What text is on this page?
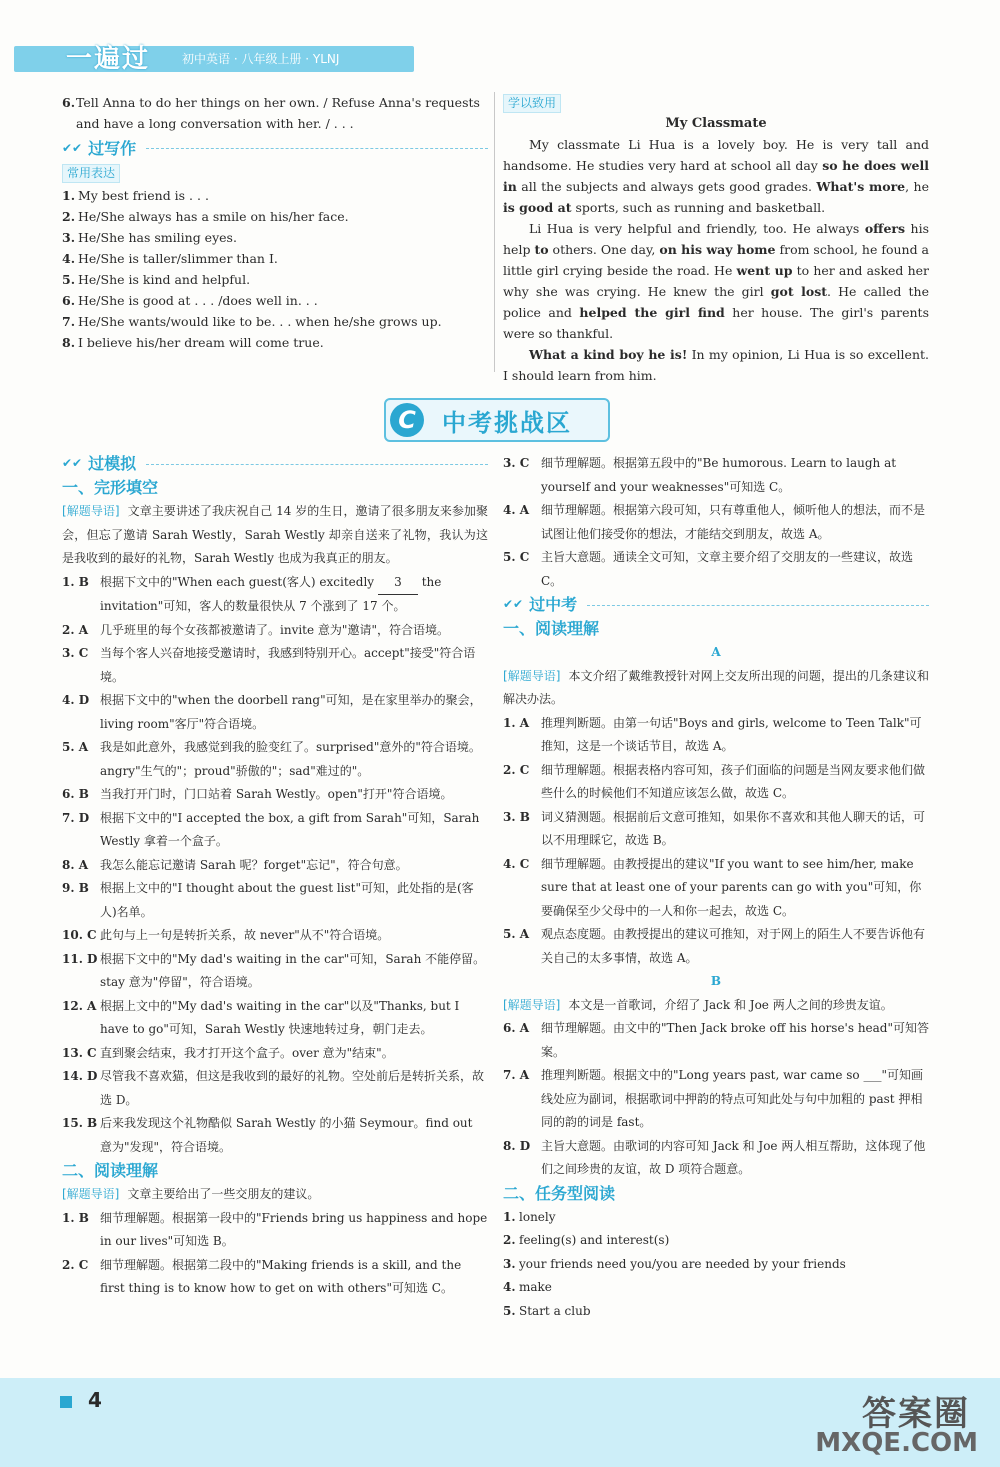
一遍过	初中英语 · 八年级上册 · YLNJ
6. Tell Anna to do her things on her own. / Refuse Anna's requests and have a long conversation with her. / . . .
✔✔ 过写作
常用表达
1. My best friend is . . .
2. He/She always has a smile on his/her face.
3. He/She has smiling eyes.
4. He/She is taller/slimmer than I.
5. He/She is kind and helpful.
6. He/She is good at . . . /does well in. . .
7. He/She wants/would like to be. . . when he/she grows up.
8. I believe his/her dream will come true.
学以致用

My Classmate

My classmate Li Hua is a lovely boy. He is very tall and handsome. He studies very hard at school all day so he does well in all the subjects and always gets good grades. What's more, he is good at sports, such as running and basketball.

Li Hua is very helpful and friendly, too. He always offers his help to others. One day, on his way home from school, he found a little girl crying beside the road. He went up to her and asked her why she was crying. He knew the girl got lost. He called the police and helped the girl find her house. The girl's parents were so thankful.

What a kind boy he is! In my opinion, Li Hua is so excellent. I should learn from him.

C	中考挑战区
✔✔ 过模拟
一、完形填空

[解题导语] 文章主要讲述了我庆祝自己 14 岁的生日，邀请了很多朋友来参加聚会，但忘了邀请 Sarah Westly，Sarah Westly 却亲自送来了礼物，我认为这是我收到的最好的礼物，Sarah Westly 也成为我真正的朋友。

1. B 根据下文中的"When each guest(客人) excitedly 3 the invitation"可知，客人的数量很快从 7 个涨到了 17 个。
2. A 几乎班里的每个女孩都被邀请了。invite 意为"邀请"，符合语境。
3. C 当每个客人兴奋地接受邀请时，我感到特别开心。accept"接受"符合语境。
4. D 根据下文中的"when the doorbell rang"可知，是在家里举办的聚会，living room"客厅"符合语境。
5. A 我是如此意外，我感觉到我的脸变红了。surprised"意外的"符合语境。angry"生气的"；proud"骄傲的"；sad"难过的"。
6. B 当我打开门时，门口站着 Sarah Westly。open"打开"符合语境。
7. D 根据下文中的"I accepted the box, a gift from Sarah"可知，Sarah Westly 拿着一个盒子。
8. A 我怎么能忘记邀请 Sarah 呢？forget"忘记"，符合句意。
9. B 根据上文中的"I thought about the guest list"可知，此处指的是(客人)名单。
10. C 此句与上一句是转折关系，故 never"从不"符合语境。
11. D 根据下文中的"My dad's waiting in the car"可知，Sarah 不能停留。stay 意为"停留"，符合语境。
12. A 根据上文中的"My dad's waiting in the car"以及"Thanks, but I have to go"可知，Sarah Westly 快速地转过身，朝门走去。
13. C 直到聚会结束，我才打开这个盒子。over 意为"结束"。
14. D 尽管我不喜欢猫，但这是我收到的最好的礼物。空处前后是转折关系，故选 D。
15. B 后来我发现这个礼物酷似 Sarah Westly 的小猫 Seymour。find out 意为"发现"，符合语境。
二、阅读理解

[解题导语] 文章主要给出了一些交朋友的建议。

1. B 细节理解题。根据第一段中的"Friends bring us happiness and hope in our lives"可知选 B。
2. C 细节理解题。根据第二段中的"Making friends is a skill, and the first thing is to know how to get on with others"可知选 C。
3. C 细节理解题。根据第五段中的"Be humorous. Learn to laugh at yourself and your weaknesses"可知选 C。
4. A 细节理解题。根据第六段可知，只有尊重他人，倾听他人的想法，而不是试图让他们接受你的想法，才能结交到朋友，故选 A。
5. C 主旨大意题。通读全文可知，文章主要介绍了交朋友的一些建议，故选 C。
✔✔ 过中考
一、阅读理解
A

[解题导语] 本文介绍了戴维教授针对网上交友所出现的问题，提出的几条建议和解决办法。

1. A 推理判断题。由第一句话"Boys and girls, welcome to Teen Talk"可推知，这是一个谈话节目，故选 A。
2. C 细节理解题。根据表格内容可知，孩子们面临的问题是当网友要求他们做些什么的时候他们不知道应该怎么做，故选 C。
3. B 词义猜测题。根据前后文意可推知，如果你不喜欢和其他人聊天的话，可以不用理睬它，故选 B。
4. C 细节理解题。由教授提出的建议"If you want to see him/her, make sure that at least one of your parents can go with you"可知，你要确保至少父母中的一人和你一起去，故选 C。
5. A 观点态度题。由教授提出的建议可推知，对于网上的陌生人不要告诉他有关自己的太多事情，故选 A。
B

[解题导语] 本文是一首歌词，介绍了 Jack 和 Joe 两人之间的珍贵友谊。

6. A 细节理解题。由文中的"Then Jack broke off his horse's head"可知答案。
7. A 推理判断题。根据文中的"Long years past, war came so ___"可知画线处应为副词，根据歌词中押韵的特点可知此处与句中加粗的 past 押相同的韵的词是 fast。
8. D 主旨大意题。由歌词的内容可知 Jack 和 Joe 两人相互帮助，这体现了他们之间珍贵的友谊，故 D 项符合题意。
二、任务型阅读
1. lonely
2. feeling(s) and interest(s)
3. your friends need you/you are needed by your friends
4. make
5. Start a club
4	答案圈
MXQE.COM
